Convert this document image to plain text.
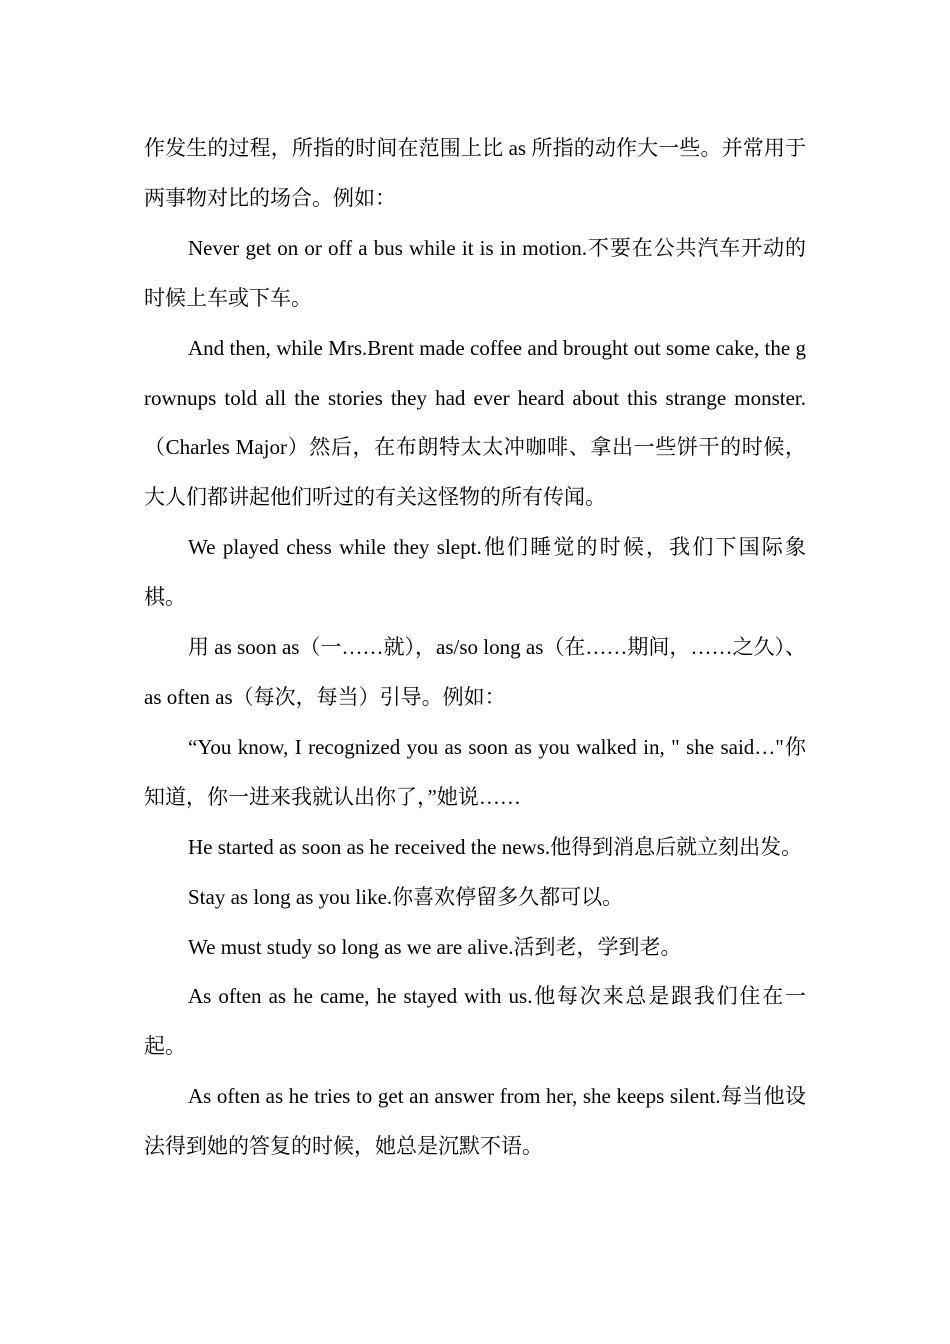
作发生的过程，所指的时间在范围上比 as 所指的动作大一些。并常用于两事物对比的场合。例如：

Never get on or off a bus while it is in motion.不要在公共汽车开动的时候上车或下车。

And then, while Mrs.Brent made coffee and brought out some cake, the grownups told all the stories they had ever heard about this strange monster.（Charles Major）然后，在布朗特太太冲咖啡、拿出一些饼干的时候，大人们都讲起他们听过的有关这怪物的所有传闻。

We played chess while they slept.他们睡觉的时候，我们下国际象棋。

用 as soon as（一……就），as/so long as（在……期间，……之久）、as often as（每次，每当）引导。例如：

“You know, I recognized you as soon as you walked in, " she said…"你知道，你一进来我就认出你了，”她说……

He started as soon as he received the news.他得到消息后就立刻出发。

Stay as long as you like.你喜欢停留多久都可以。

We must study so long as we are alive.活到老，学到老。

As often as he came, he stayed with us.他每次来总是跟我们住在一起。

As often as he tries to get an answer from her, she keeps silent.每当他设法得到她的答复的时候，她总是沉默不语。
